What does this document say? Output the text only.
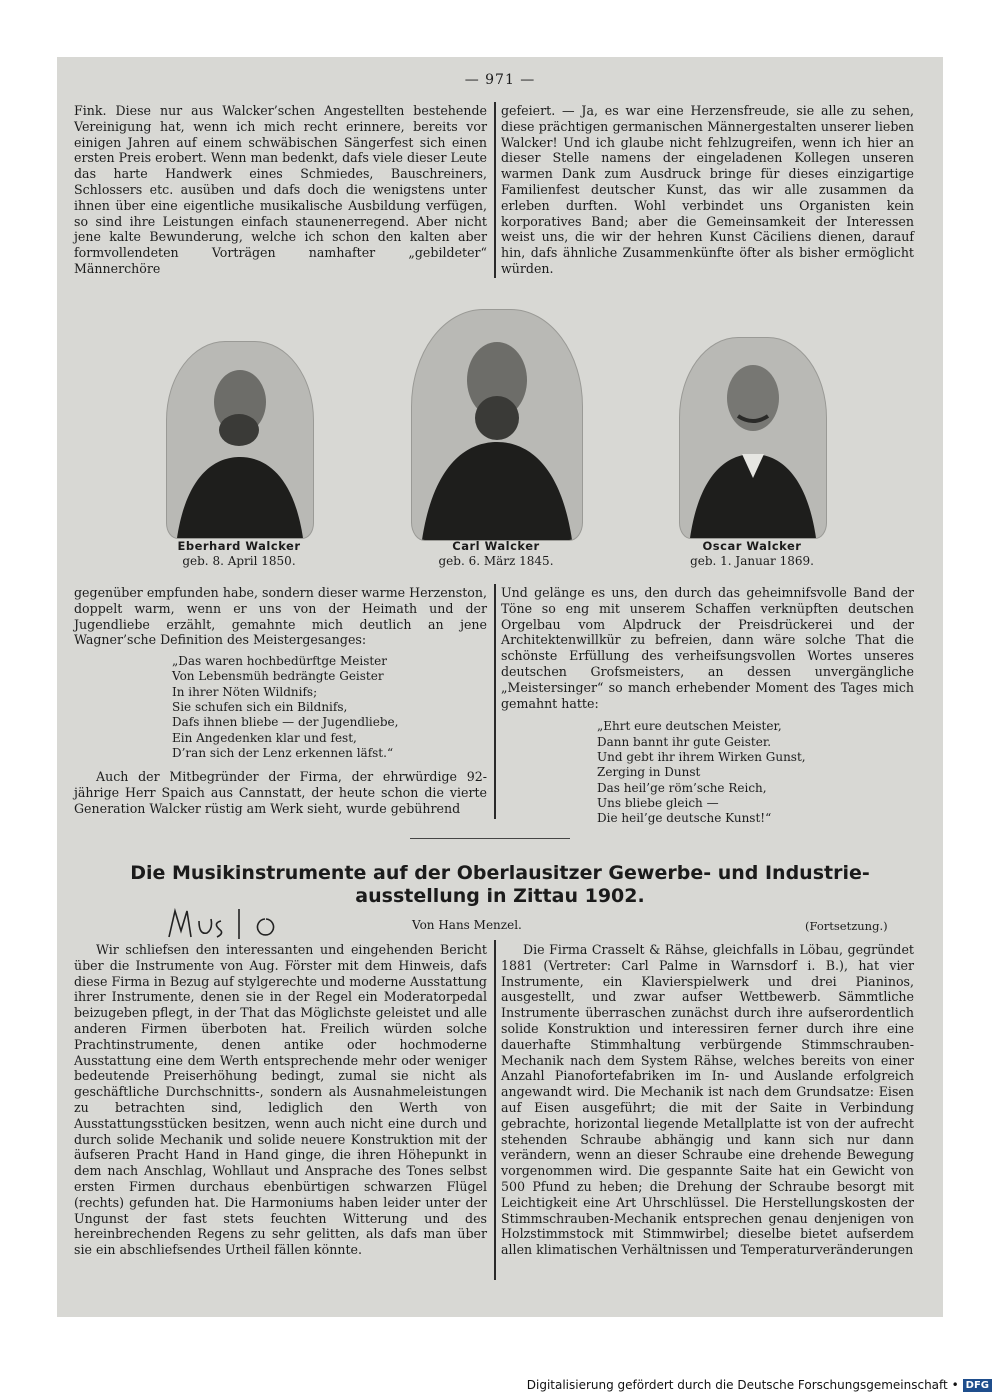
— 971 —

Fink. Diese nur aus Walcker’schen Angestellten bestehende Vereinigung hat, wenn ich mich recht erinnere, bereits vor einigen Jahren auf einem schwäbischen Sängerfest sich einen ersten Preis erobert. Wenn man bedenkt, dafs viele dieser Leute das harte Handwerk eines Schmiedes, Bauschreiners, Schlossers etc. ausüben und dafs doch die wenigstens unter ihnen über eine eigentliche musikalische Ausbildung verfügen, so sind ihre Leistungen einfach staunenerregend. Aber nicht jene kalte Bewunderung, welche ich schon den kalten aber formvollendeten Vorträgen namhafter „gebildeter“ Männerchöre

gefeiert. — Ja, es war eine Herzensfreude, sie alle zu sehen, diese prächtigen germanischen Männergestalten unserer lieben Walcker! Und ich glaube nicht fehlzugreifen, wenn ich hier an dieser Stelle namens der eingeladenen Kollegen unseren warmen Dank zum Ausdruck bringe für dieses einzigartige Familienfest deutscher Kunst, das wir alle zusammen da erleben durften. Wohl verbindet uns Organisten kein korporatives Band; aber die Gemeinsamkeit der Interessen weist uns, die wir der hehren Kunst Cäciliens dienen, darauf hin, dafs ähnliche Zusammenkünfte öfter als bisher ermöglicht würden.

Eberhard Walcker
geb. 8. April 1850.
Carl Walcker
geb. 6. März 1845.
Oscar Walcker
geb. 1. Januar 1869.

gegenüber empfunden habe, sondern dieser warme Herzenston, doppelt warm, wenn er uns von der Heimath und der Jugendliebe erzählt, gemahnte mich deutlich an jene Wagner’sche Definition des Meistergesanges:

„Das waren hochbedürftge Meister
Von Lebensmüh bedrängte Geister
In ihrer Nöten Wildnifs;
Sie schufen sich ein Bildnifs,
Dafs ihnen bliebe — der Jugendliebe,
Ein Angedenken klar und fest,
D’ran sich der Lenz erkennen läfst.“

Auch der Mitbegründer der Firma, der ehrwürdige 92-jährige Herr Spaich aus Cannstatt, der heute schon die vierte Generation Walcker rüstig am Werk sieht, wurde gebührend

Und gelänge es uns, den durch das geheimnifsvolle Band der Töne so eng mit unserem Schaffen verknüpften deutschen Orgelbau vom Alpdruck der Preisdrückerei und der Architektenwillkür zu befreien, dann wäre solche That die schönste Erfüllung des verheifsungsvollen Wortes unseres deutschen Grofsmeisters, an dessen unvergängliche „Meistersinger“ so manch erhebender Moment des Tages mich gemahnt hatte:

„Ehrt eure deutschen Meister,
Dann bannt ihr gute Geister.
Und gebt ihr ihrem Wirken Gunst,
Zerging in Dunst
Das heil’ge röm’sche Reich,
Uns bliebe gleich —
Die heil’ge deutsche Kunst!“
Die Musikinstrumente auf der Oberlausitzer Gewerbe- und Industrie-
ausstellung in Zittau 1902.
Von Hans Menzel.	(Fortsetzung.)

Wir schliefsen den interessanten und eingehenden Bericht über die Instrumente von Aug. Förster mit dem Hinweis, dafs diese Firma in Bezug auf stylgerechte und moderne Ausstattung ihrer Instrumente, denen sie in der Regel ein Moderatorpedal beizugeben pflegt, in der That das Möglichste geleistet und alle anderen Firmen überboten hat. Freilich würden solche Prachtinstrumente, denen antike oder hochmoderne Ausstattung eine dem Werth entsprechende mehr oder weniger bedeutende Preiserhöhung bedingt, zumal sie nicht als geschäftliche Durchschnitts-, sondern als Ausnahmeleistungen zu betrachten sind, lediglich den Werth von Ausstattungsstücken besitzen, wenn auch nicht eine durch und durch solide Mechanik und solide neuere Konstruktion mit der äufseren Pracht Hand in Hand ginge, die ihren Höhepunkt in dem nach Anschlag, Wohllaut und Ansprache des Tones selbst ersten Firmen durchaus ebenbürtigen schwarzen Flügel (rechts) gefunden hat. Die Harmoniums haben leider unter der Ungunst der fast stets feuchten Witterung und des hereinbrechenden Regens zu sehr gelitten, als dafs man über sie ein abschliefsendes Urtheil fällen könnte.

Die Firma Crasselt & Rähse, gleichfalls in Löbau, gegründet 1881 (Vertreter: Carl Palme in Warnsdorf i. B.), hat vier Instrumente, ein Klavierspielwerk und drei Pianinos, ausgestellt, und zwar aufser Wettbewerb. Sämmtliche Instrumente überraschen zunächst durch ihre aufserordentlich solide Konstruktion und interessiren ferner durch ihre eine dauerhafte Stimmhaltung verbürgende Stimmschrauben-Mechanik nach dem System Rähse, welches bereits von einer Anzahl Pianofortefabriken im In- und Auslande erfolgreich angewandt wird. Die Mechanik ist nach dem Grundsatze: Eisen auf Eisen ausgeführt; die mit der Saite in Verbindung gebrachte, horizontal liegende Metallplatte ist von der aufrecht stehenden Schraube abhängig und kann sich nur dann verändern, wenn an dieser Schraube eine drehende Bewegung vorgenommen wird. Die gespannte Saite hat ein Gewicht von 500 Pfund zu heben; die Drehung der Schraube besorgt mit Leichtigkeit eine Art Uhrschlüssel. Die Herstellungskosten der Stimmschrauben-Mechanik entsprechen genau denjenigen von Holzstimmstock mit Stimmwirbel; dieselbe bietet aufserdem allen klimatischen Verhältnissen und Temperaturveränderungen

Digitalisierung gefördert durch die Deutsche Forschungsgemeinschaft • DFG
